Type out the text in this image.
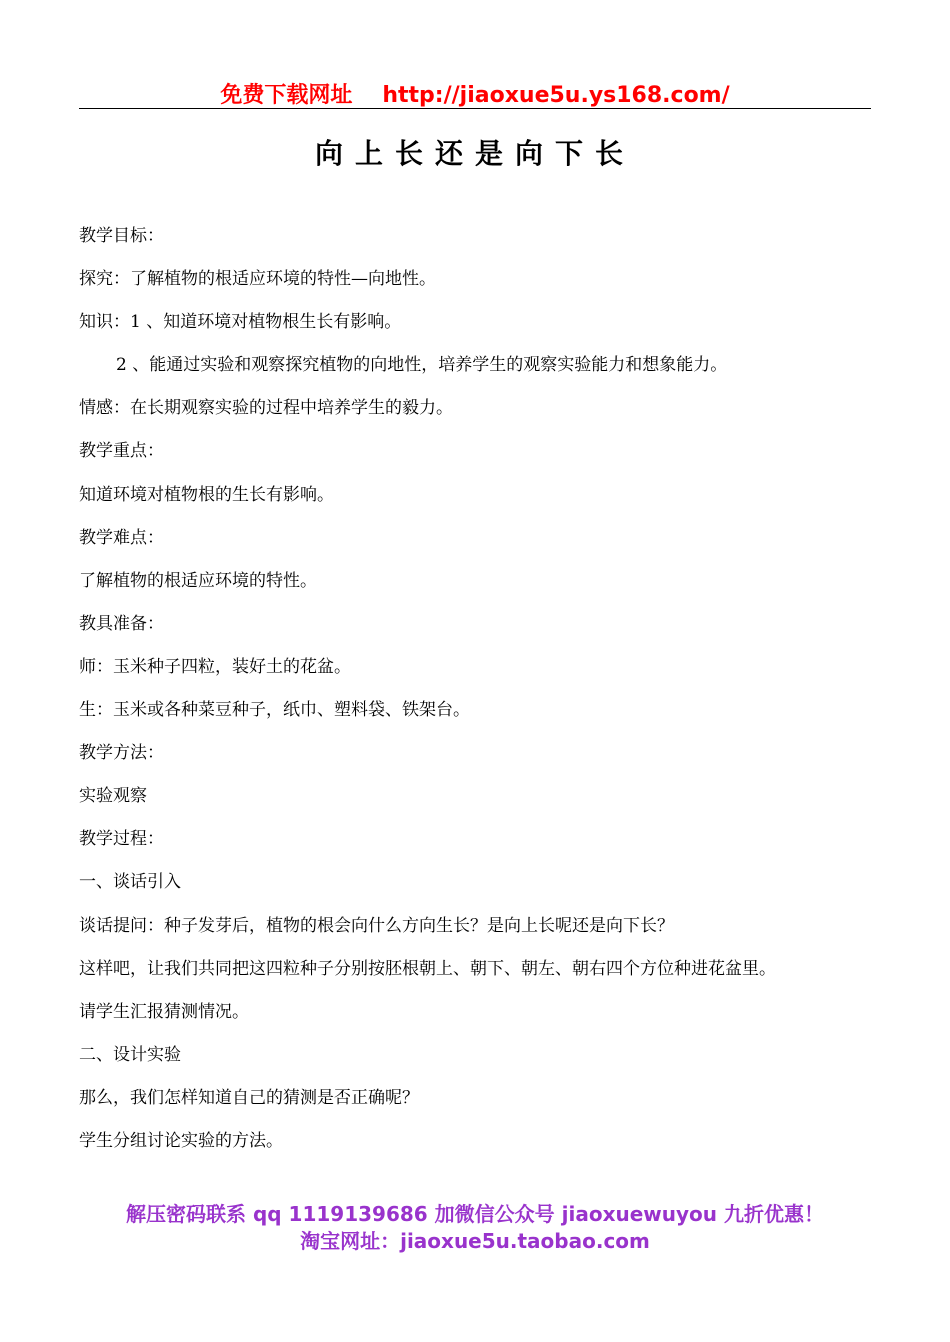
免费下载网址 http://jiaoxue5u.ys168.com/
向上长还是向下长
教学目标：
探究：了解植物的根适应环境的特性—向地性。
知识：1 、知道环境对植物根生长有影响。
2 、能通过实验和观察探究植物的向地性，培养学生的观察实验能力和想象能力。
情感：在长期观察实验的过程中培养学生的毅力。
教学重点：
知道环境对植物根的生长有影响。
教学难点：
了解植物的根适应环境的特性。
教具准备：
师：玉米种子四粒，装好土的花盆。
生：玉米或各种菜豆种子，纸巾、塑料袋、铁架台。
教学方法：
实验观察
教学过程：
一、谈话引入
谈话提问：种子发芽后，植物的根会向什么方向生长？是向上长呢还是向下长？
这样吧，让我们共同把这四粒种子分别按胚根朝上、朝下、朝左、朝右四个方位种进花盆里。
请学生汇报猜测情况。
二、设计实验
那么，我们怎样知道自己的猜测是否正确呢？
学生分组讨论实验的方法。
解压密码联系 qq 1119139686 加微信公众号 jiaoxuewuyou 九折优惠！
淘宝网址：jiaoxue5u.taobao.com
